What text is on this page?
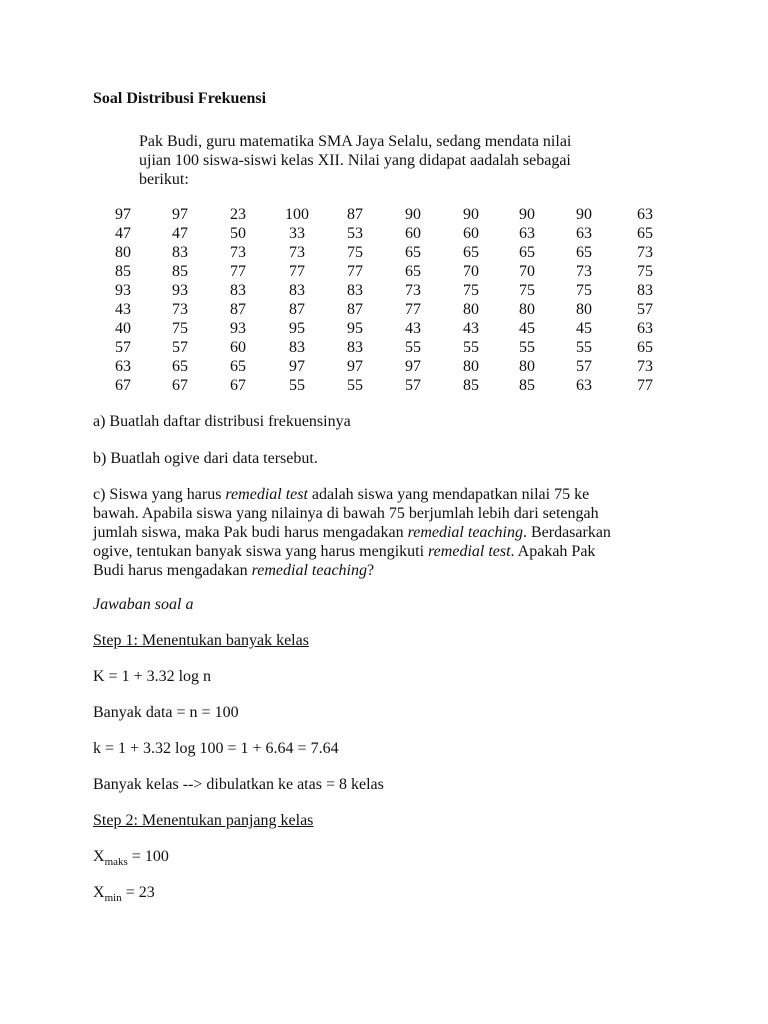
Soal Distribusi Frekuensi
Pak Budi, guru matematika SMA Jaya Selalu, sedang mendata nilai
ujian 100 siswa-siswi kelas XII. Nilai yang didapat aadalah sebagai
berikut:
97	97	23	100	87	90	90	90	90	63
47	47	50	33	53	60	60	63	63	65
80	83	73	73	75	65	65	65	65	73
85	85	77	77	77	65	70	70	73	75
93	93	83	83	83	73	75	75	75	83
43	73	87	87	87	77	80	80	80	57
40	75	93	95	95	43	43	45	45	63
57	57	60	83	83	55	55	55	55	65
63	65	65	97	97	97	80	80	57	73
67	67	67	55	55	57	85	85	63	77
a) Buatlah daftar distribusi frekuensinya
b) Buatlah ogive dari data tersebut.
c) Siswa yang harus remedial test adalah siswa yang mendapatkan nilai 75 ke
bawah. Apabila siswa yang nilainya di bawah 75 berjumlah lebih dari setengah
jumlah siswa, maka Pak budi harus mengadakan remedial teaching. Berdasarkan
ogive, tentukan banyak siswa yang harus mengikuti remedial test. Apakah Pak
Budi harus mengadakan remedial teaching?
Jawaban soal a
Step 1: Menentukan banyak kelas
K = 1 + 3.32 log n
Banyak data = n = 100
k = 1 + 3.32 log 100 = 1 + 6.64 = 7.64
Banyak kelas --> dibulatkan ke atas = 8 kelas
Step 2: Menentukan panjang kelas
$X_{maks} = 100$
$X_{min} = 23$
